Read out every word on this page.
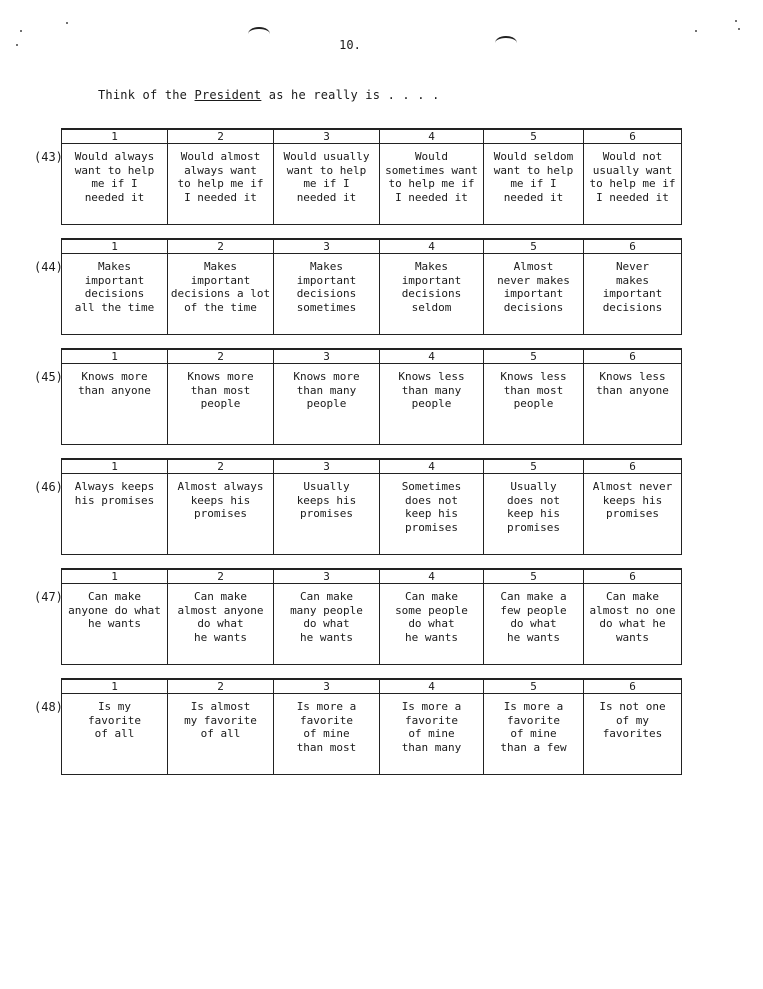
10.
Think of the President as he really is . . . .
(43)
1	2	3	4	5	6
Would always
want to help
me if I
needed it	Would almost
always want
to help me if
I needed it	Would usually
want to help
me if I
needed it	Would
sometimes want
to help me if
I needed it	Would seldom
want to help
me if I
needed it	Would not
usually want
to help me if
I needed it
(44)
1	2	3	4	5	6
Makes
important
decisions
all the time	Makes
important
decisions a lot
of the time	Makes
important
decisions
sometimes	Makes
important
decisions
seldom	Almost
never makes
important
decisions	Never
makes
important
decisions
(45)
1	2	3	4	5	6
Knows more
than anyone	Knows more
than most
people	Knows more
than many
people	Knows less
than many
people	Knows less
than most
people	Knows less
than anyone
(46)
1	2	3	4	5	6
Always keeps
his promises	Almost always
keeps his
promises	Usually
keeps his
promises	Sometimes
does not
keep his
promises	Usually
does not
keep his
promises	Almost never
keeps his
promises
(47)
1	2	3	4	5	6
Can make
anyone do what
he wants	Can make
almost anyone
do what
he wants	Can make
many people
do what
he wants	Can make
some people
do what
he wants	Can make a
few people
do what
he wants	Can make
almost no one
do what he
wants
(48)
1	2	3	4	5	6
Is my
favorite
of all	Is almost
my favorite
of all	Is more a
favorite
of mine
than most	Is more a
favorite
of mine
than many	Is more a
favorite
of mine
than a few	Is not one
of my
favorites
